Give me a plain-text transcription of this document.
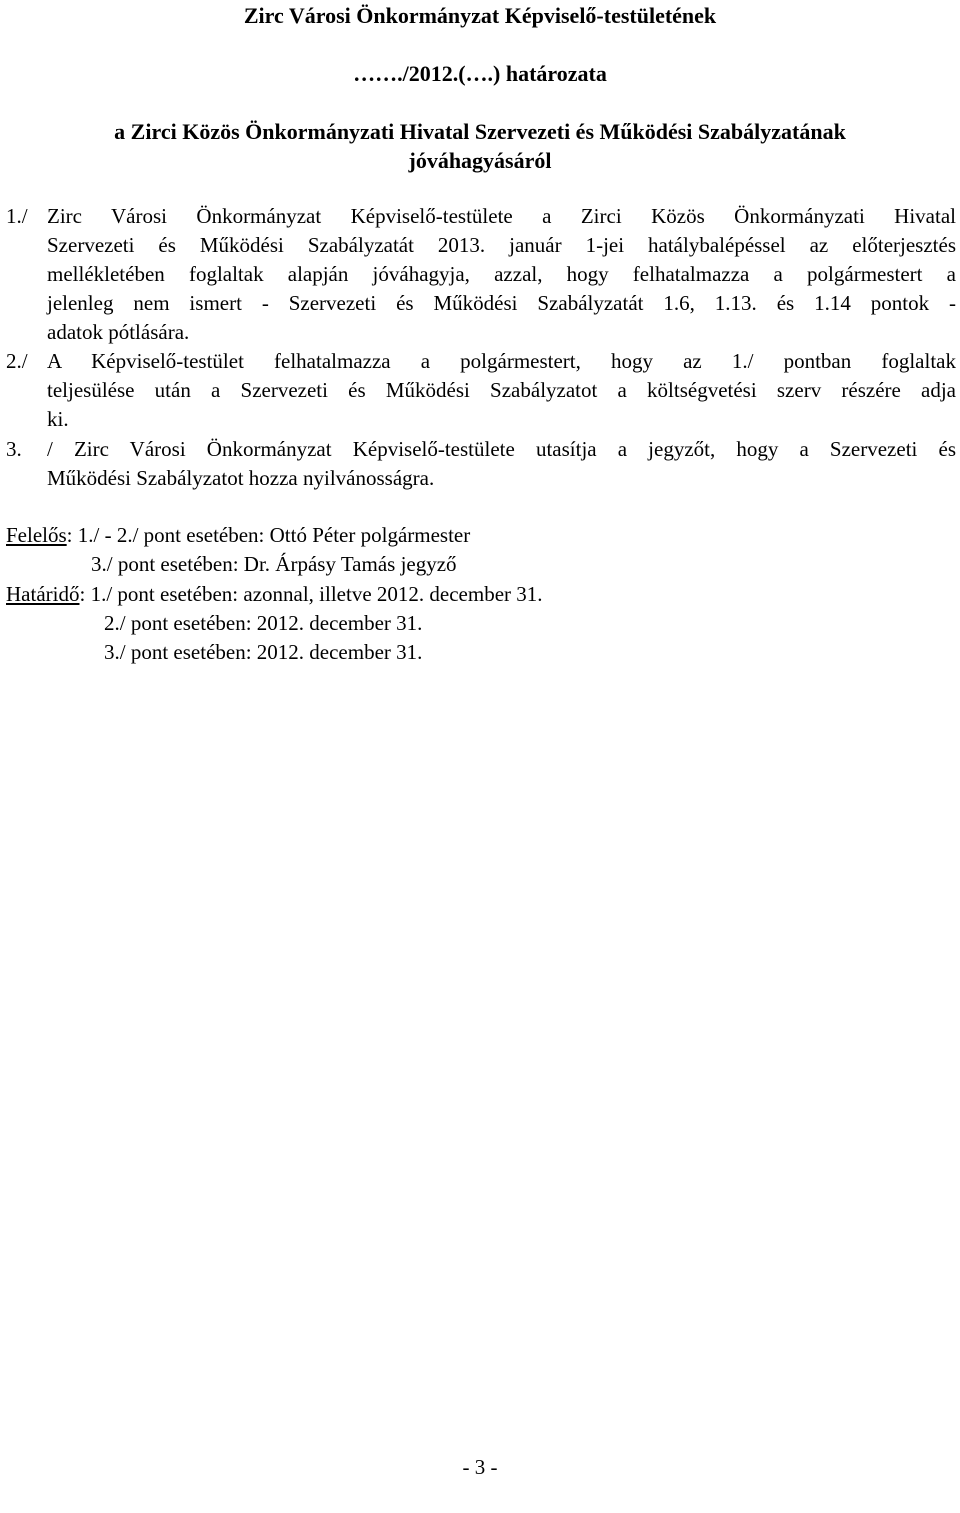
Zirc Városi Önkormányzat Képviselő-testületének
……./2012.(….) határozata
a Zirci Közös Önkormányzati Hivatal Szervezeti és Működési Szabályzatának
jóváhagyásáról
1./ Zirc Városi Önkormányzat Képviselő-testülete a Zirci Közös Önkormányzati Hivatal
Szervezeti és Működési Szabályzatát 2013. január 1-jei hatálybalépéssel az előterjesztés
mellékletében foglaltak alapján jóváhagyja, azzal, hogy felhatalmazza a polgármestert a
jelenleg nem ismert - Szervezeti és Működési Szabályzatát 1.6, 1.13. és 1.14 pontok -
adatok pótlására.
2./ A Képviselő-testület felhatalmazza a polgármestert, hogy az 1./ pontban foglaltak
teljesülése után a Szervezeti és Működési Szabályzatot a költségvetési szerv részére adja
ki.
3. / Zirc Városi Önkormányzat Képviselő-testülete utasítja a jegyzőt, hogy a Szervezeti és
Működési Szabályzatot hozza nyilvánosságra.
Felelős: 1./ - 2./ pont esetében: Ottó Péter polgármester
3./ pont esetében: Dr. Árpásy Tamás jegyző
Határidő: 1./ pont esetében: azonnal, illetve 2012. december 31.
2./ pont esetében: 2012. december 31.
3./ pont esetében: 2012. december 31.
- 3 -
